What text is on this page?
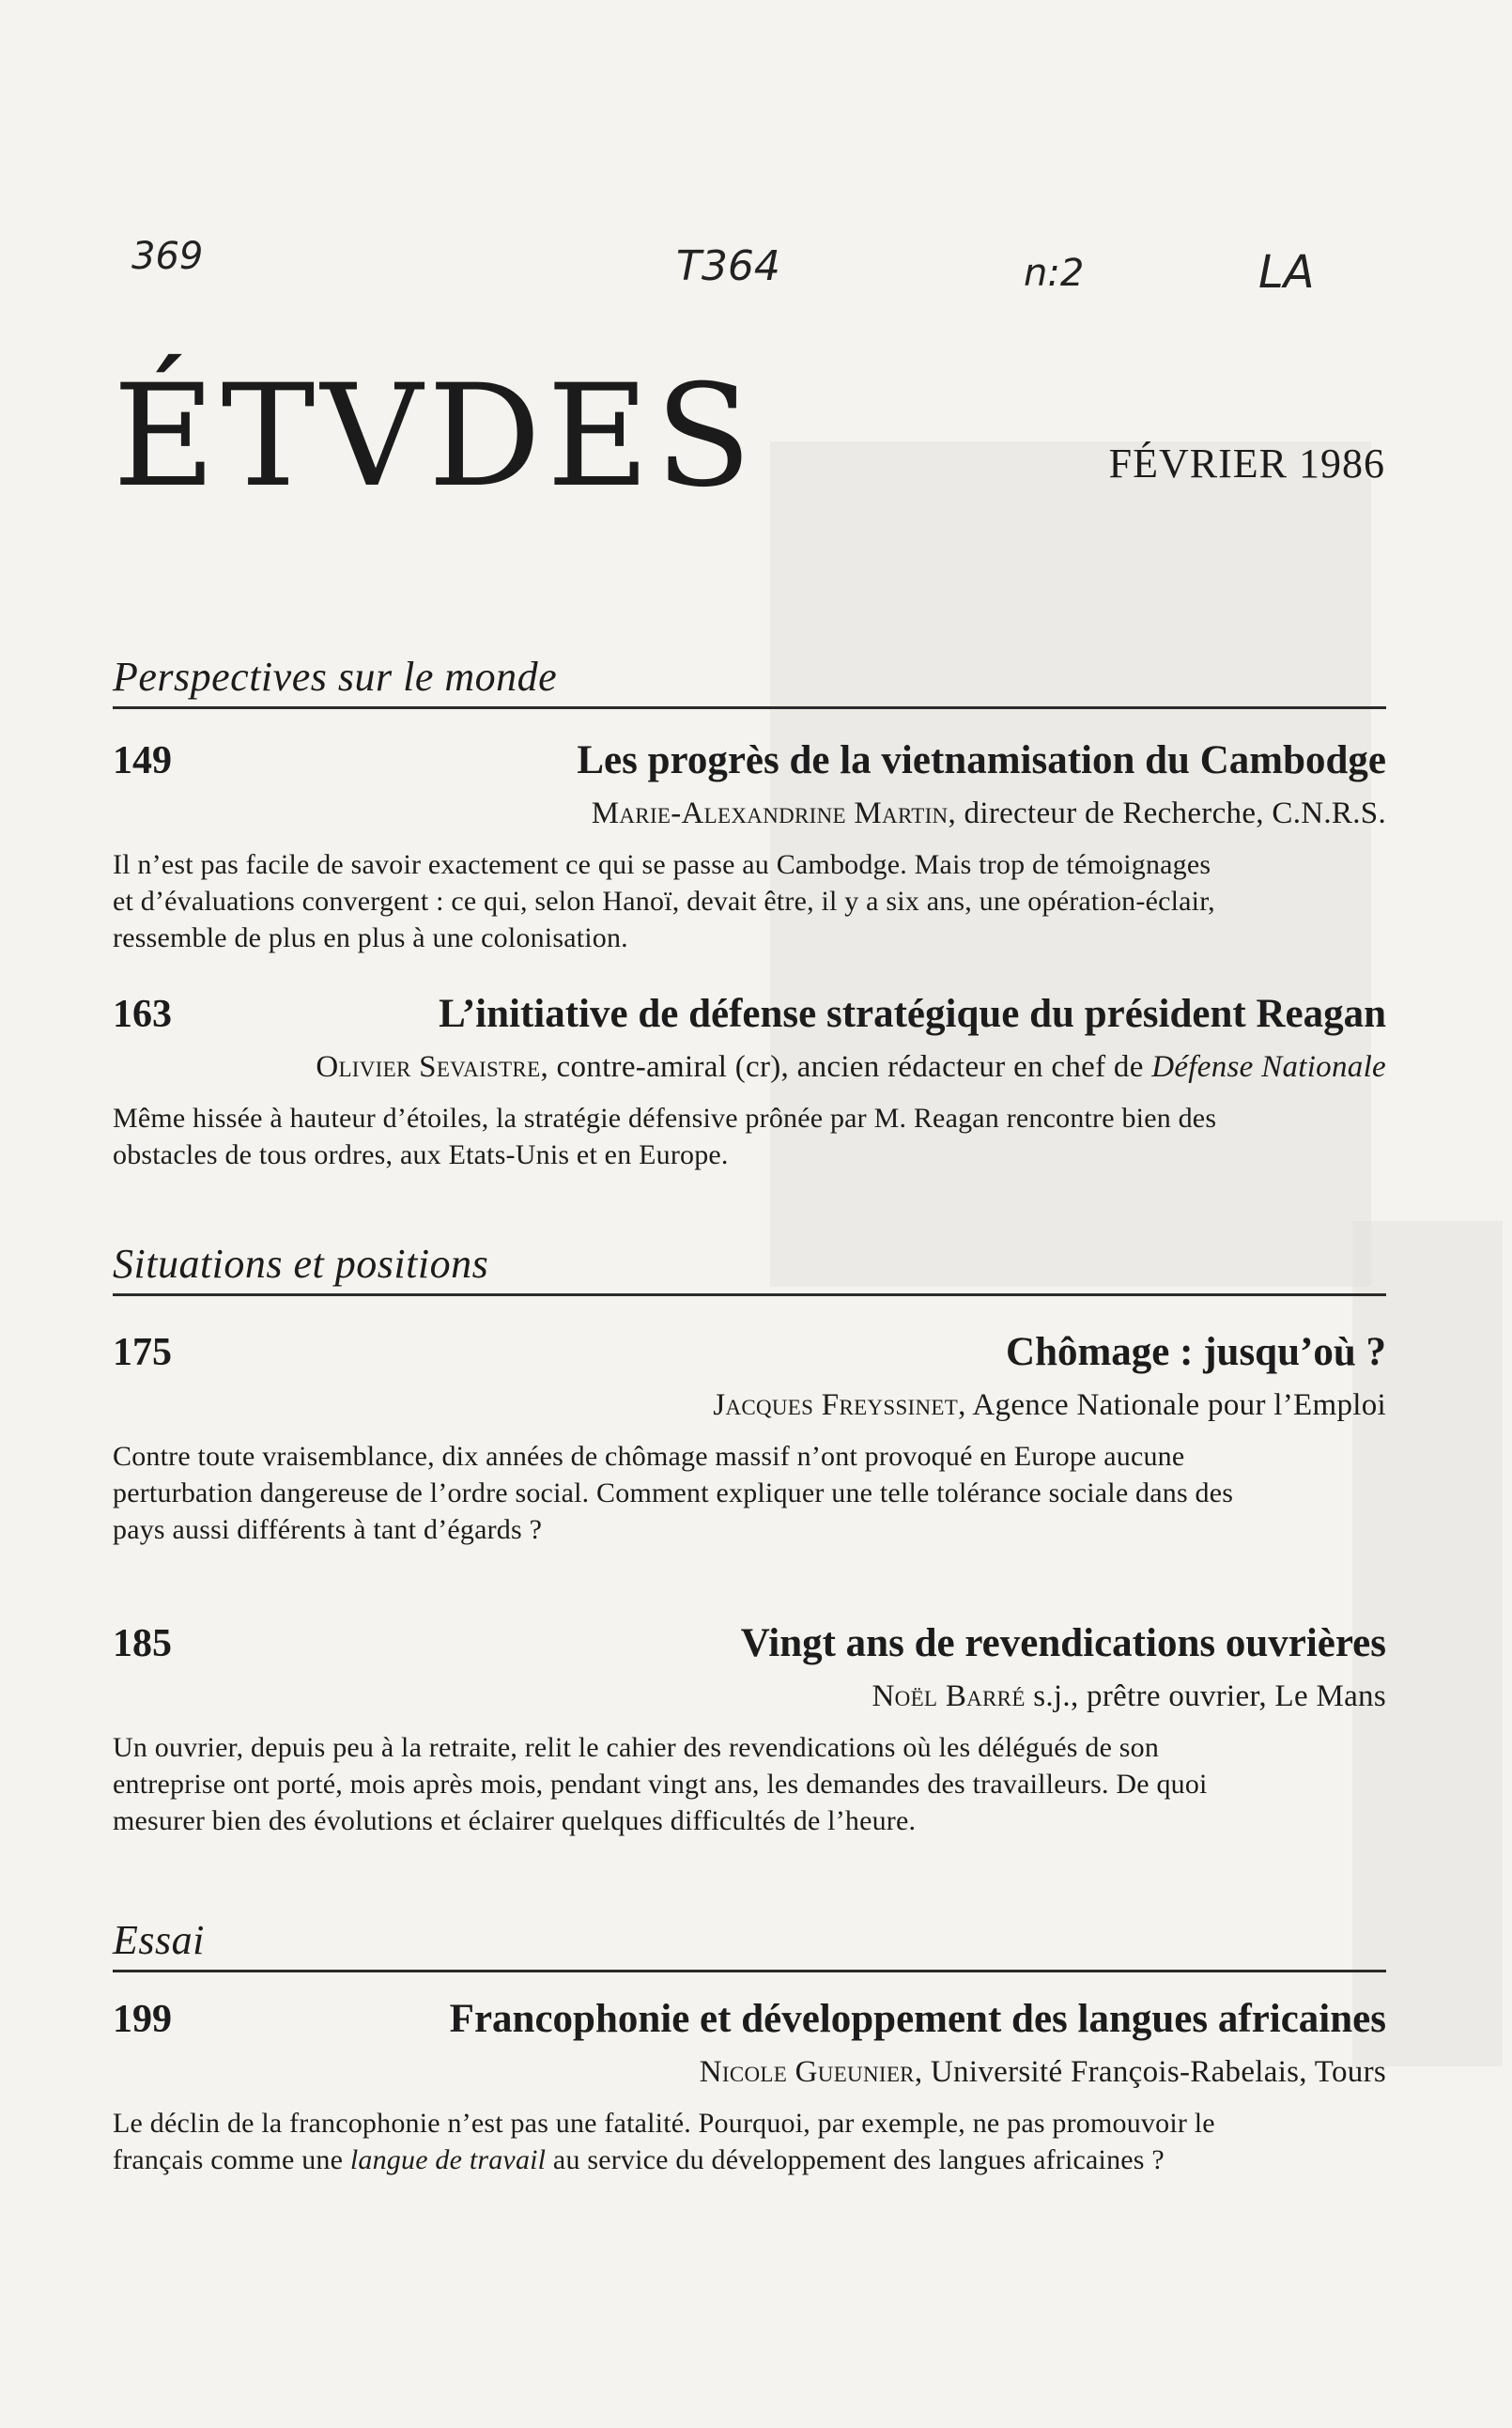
369	T364	n:2	LA
ÉTVDES	FÉVRIER 1986
Perspectives sur le monde
149	Les progrès de la vietnamisation du Cambodge
Marie-Alexandrine Martin, directeur de Recherche, C.N.R.S.
Il n’est pas facile de savoir exactement ce qui se passe au Cambodge. Mais trop de témoignages et d’évaluations convergent : ce qui, selon Hanoï, devait être, il y a six ans, une opération-éclair, ressemble de plus en plus à une colonisation.
163	L’initiative de défense stratégique du président Reagan
Olivier Sevaistre, contre-amiral (cr), ancien rédacteur en chef de Défense Nationale
Même hissée à hauteur d’étoiles, la stratégie défensive prônée par M. Reagan rencontre bien des obstacles de tous ordres, aux Etats-Unis et en Europe.
Situations et positions
175	Chômage : jusqu’où ?
Jacques Freyssinet, Agence Nationale pour l’Emploi
Contre toute vraisemblance, dix années de chômage massif n’ont provoqué en Europe aucune perturbation dangereuse de l’ordre social. Comment expliquer une telle tolérance sociale dans des pays aussi différents à tant d’égards ?
185	Vingt ans de revendications ouvrières
Noël Barré s.j., prêtre ouvrier, Le Mans
Un ouvrier, depuis peu à la retraite, relit le cahier des revendications où les délégués de son entreprise ont porté, mois après mois, pendant vingt ans, les demandes des travailleurs. De quoi mesurer bien des évolutions et éclairer quelques difficultés de l’heure.
Essai
199	Francophonie et développement des langues africaines
Nicole Gueunier, Université François-Rabelais, Tours
Le déclin de la francophonie n’est pas une fatalité. Pourquoi, par exemple, ne pas promouvoir le français comme une langue de travail au service du développement des langues africaines ?
